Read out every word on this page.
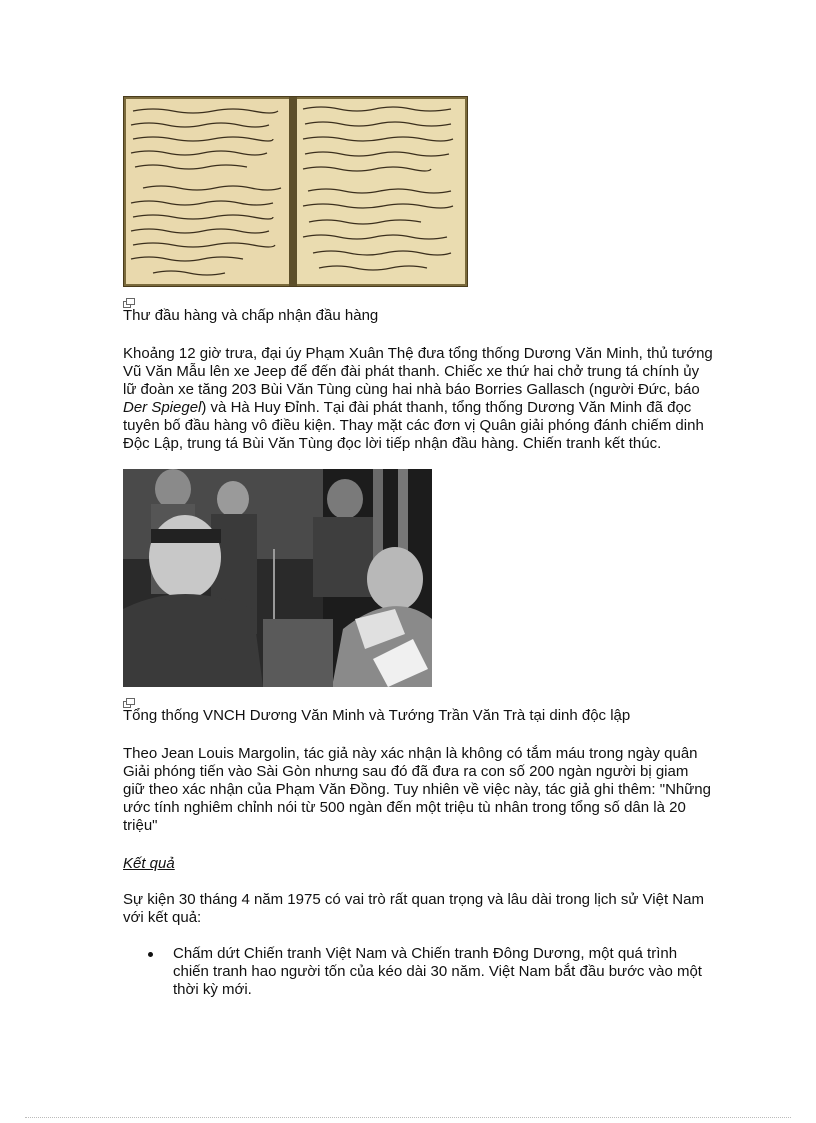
Thư đầu hàng và chấp nhận đầu hàng

Khoảng 12 giờ trưa, đại úy Phạm Xuân Thệ đưa tổng thống Dương Văn Minh, thủ tướng Vũ Văn Mẫu lên xe Jeep để đến đài phát thanh. Chiếc xe thứ hai chở trung tá chính ủy lữ đoàn xe tăng 203 Bùi Văn Tùng cùng hai nhà báo Borries Gallasch (người Đức, báo Der Spiegel) và Hà Huy Đỉnh. Tại đài phát thanh, tổng thống Dương Văn Minh đã đọc tuyên bố đầu hàng vô điều kiện. Thay mặt các đơn vị Quân giải phóng đánh chiếm dinh Độc Lập, trung tá Bùi Văn Tùng đọc lời tiếp nhận đầu hàng. Chiến tranh kết thúc.

Tổng thống VNCH Dương Văn Minh và Tướng Trần Văn Trà tại dinh độc lập

Theo Jean Louis Margolin, tác giả này xác nhận là không có tắm máu trong ngày quân Giải phóng tiến vào Sài Gòn nhưng sau đó đã đưa ra con số 200 ngàn người bị giam giữ theo xác nhận của Phạm Văn Đồng. Tuy nhiên về việc này, tác giả ghi thêm: "Những ước tính nghiêm chỉnh nói từ 500 ngàn đến một triệu tù nhân trong tổng số dân là 20 triệu"

Kết quả

Sự kiện 30 tháng 4 năm 1975 có vai trò rất quan trọng và lâu dài trong lịch sử Việt Nam với kết quả:

Chấm dứt Chiến tranh Việt Nam và Chiến tranh Đông Dương, một quá trình chiến tranh hao người tốn của kéo dài 30 năm. Việt Nam bắt đầu bước vào một thời kỳ mới.
